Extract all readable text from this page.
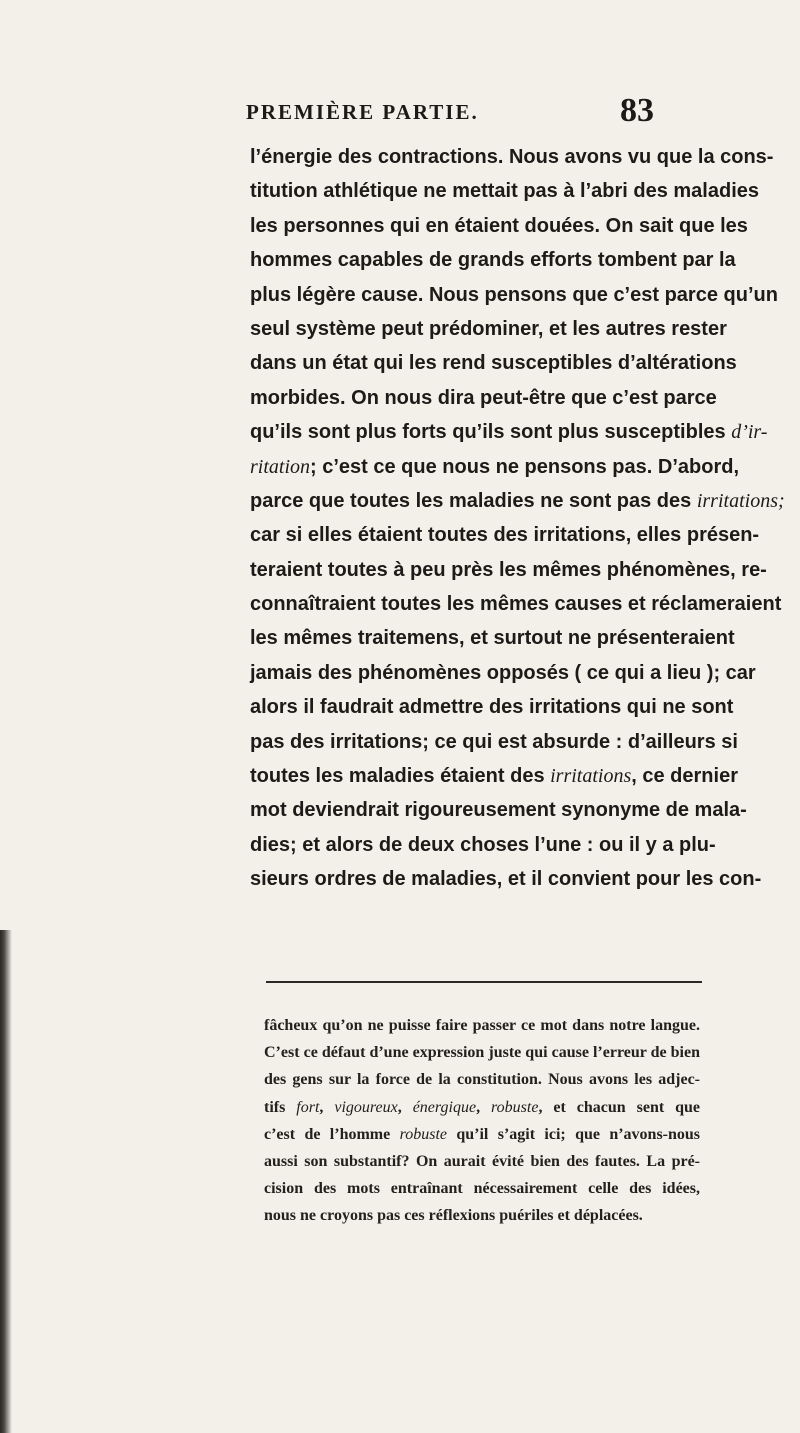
PREMIÈRE PARTIE.	83
l’énergie des contractions. Nous avons vu que la cons-
titution athlétique ne mettait pas à l’abri des maladies
les personnes qui en étaient douées. On sait que les
hommes capables de grands efforts tombent par la
plus légère cause. Nous pensons que c’est parce qu’un
seul système peut prédominer, et les autres rester
dans un état qui les rend susceptibles d’altérations
morbides. On nous dira peut-être que c’est parce
qu’ils sont plus forts qu’ils sont plus susceptibles d’ir-
ritation; c’est ce que nous ne pensons pas. D’abord,
parce que toutes les maladies ne sont pas des irritations;
car si elles étaient toutes des irritations, elles présen-
teraient toutes à peu près les mêmes phénomènes, re-
connaîtraient toutes les mêmes causes et réclameraient
les mêmes traitemens, et surtout ne présenteraient
jamais des phénomènes opposés ( ce qui a lieu ); car
alors il faudrait admettre des irritations qui ne sont
pas des irritations; ce qui est absurde : d’ailleurs si
toutes les maladies étaient des irritations, ce dernier
mot deviendrait rigoureusement synonyme de mala-
dies; et alors de deux choses l’une : ou il y a plu-
sieurs ordres de maladies, et il convient pour les con-
fâcheux qu’on ne puisse faire passer ce mot dans notre langue.
C’est ce défaut d’une expression juste qui cause l’erreur de bien
des gens sur la force de la constitution. Nous avons les adjec-
tifs fort, vigoureux, énergique, robuste, et chacun sent que
c’est de l’homme robuste qu’il s’agit ici; que n’avons-nous
aussi son substantif? On aurait évité bien des fautes. La pré-
cision des mots entraînant nécessairement celle des idées,
nous ne croyons pas ces réflexions puériles et déplacées.
